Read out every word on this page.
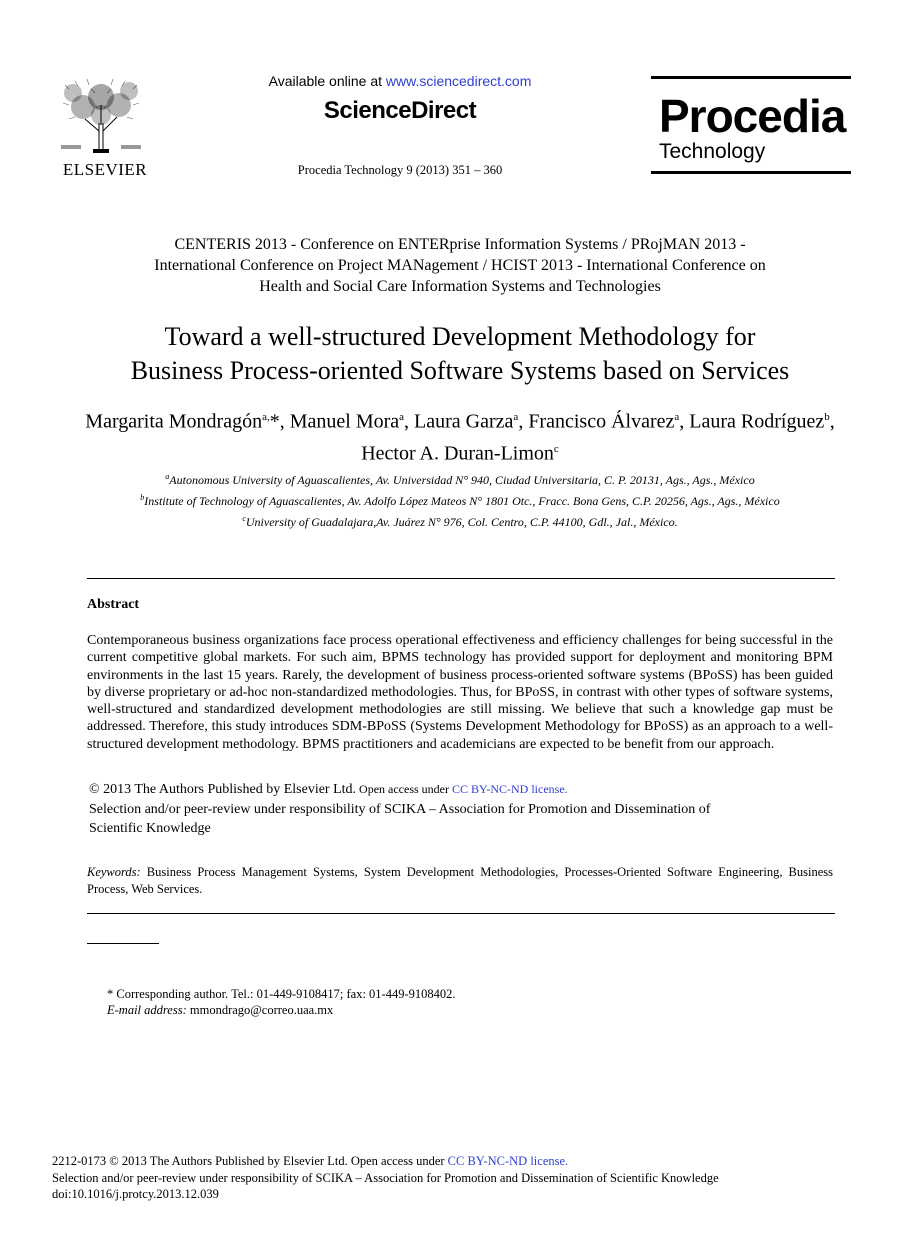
ELSEVIER
Available online at www.sciencedirect.com
ScienceDirect
Procedia Technology 9 (2013) 351 – 360
Procedia
Technology
CENTERIS 2013 - Conference on ENTERprise Information Systems / PRojMAN 2013 -
International Conference on Project MANagement / HCIST 2013 - International Conference on
Health and Social Care Information Systems and Technologies
Toward a well-structured Development Methodology for
Business Process-oriented Software Systems based on Services
Margarita Mondragón$^{a,}$*, Manuel Mora$^a$, Laura Garza$^a$, Francisco Álvarez$^a$, Laura Rodríguez$^b$, Hector A. Duran-Limon$^c$
$^a$Autonomous University of Aguascalientes, Av. Universidad N° 940, Ciudad Universitaria, C. P. 20131, Ags., Ags., México
$^b$Institute of Technology of Aguascalientes, Av. Adolfo López Mateos N° 1801 Otc., Fracc. Bona Gens, C.P. 20256, Ags., Ags., México
$^c$University of Guadalajara,Av. Juárez N° 976, Col. Centro, C.P. 44100, Gdl., Jal., México.
Abstract
Contemporaneous business organizations face process operational effectiveness and efficiency challenges for being successful in the current competitive global markets. For such aim, BPMS technology has provided support for deployment and monitoring BPM environments in the last 15 years. Rarely, the development of business process-oriented software systems (BPoSS) has been guided by diverse proprietary or ad-hoc non-standardized methodologies. Thus, for BPoSS, in contrast with other types of software systems, well-structured and standardized development methodologies are still missing. We believe that such a knowledge gap must be addressed. Therefore, this study introduces SDM-BPoSS (Systems Development Methodology for BPoSS) as an approach to a well-structured development methodology. BPMS practitioners and academicians are expected to be benefit from our approach.
© 2013 The Authors Published by Elsevier Ltd. Open access under CC BY-NC-ND license.
Selection and/or peer-review under responsibility of SCIKA – Association for Promotion and Dissemination of
Scientific Knowledge
Keywords: Business Process Management Systems, System Development Methodologies, Processes-Oriented Software Engineering, Business Process, Web Services.
* Corresponding author. Tel.: 01-449-9108417; fax: 01-449-9108402.
E-mail address: mmondrago@correo.uaa.mx
2212-0173 © 2013 The Authors Published by Elsevier Ltd. Open access under CC BY-NC-ND license.
Selection and/or peer-review under responsibility of SCIKA – Association for Promotion and Dissemination of Scientific Knowledge
doi:10.1016/j.protcy.2013.12.039
